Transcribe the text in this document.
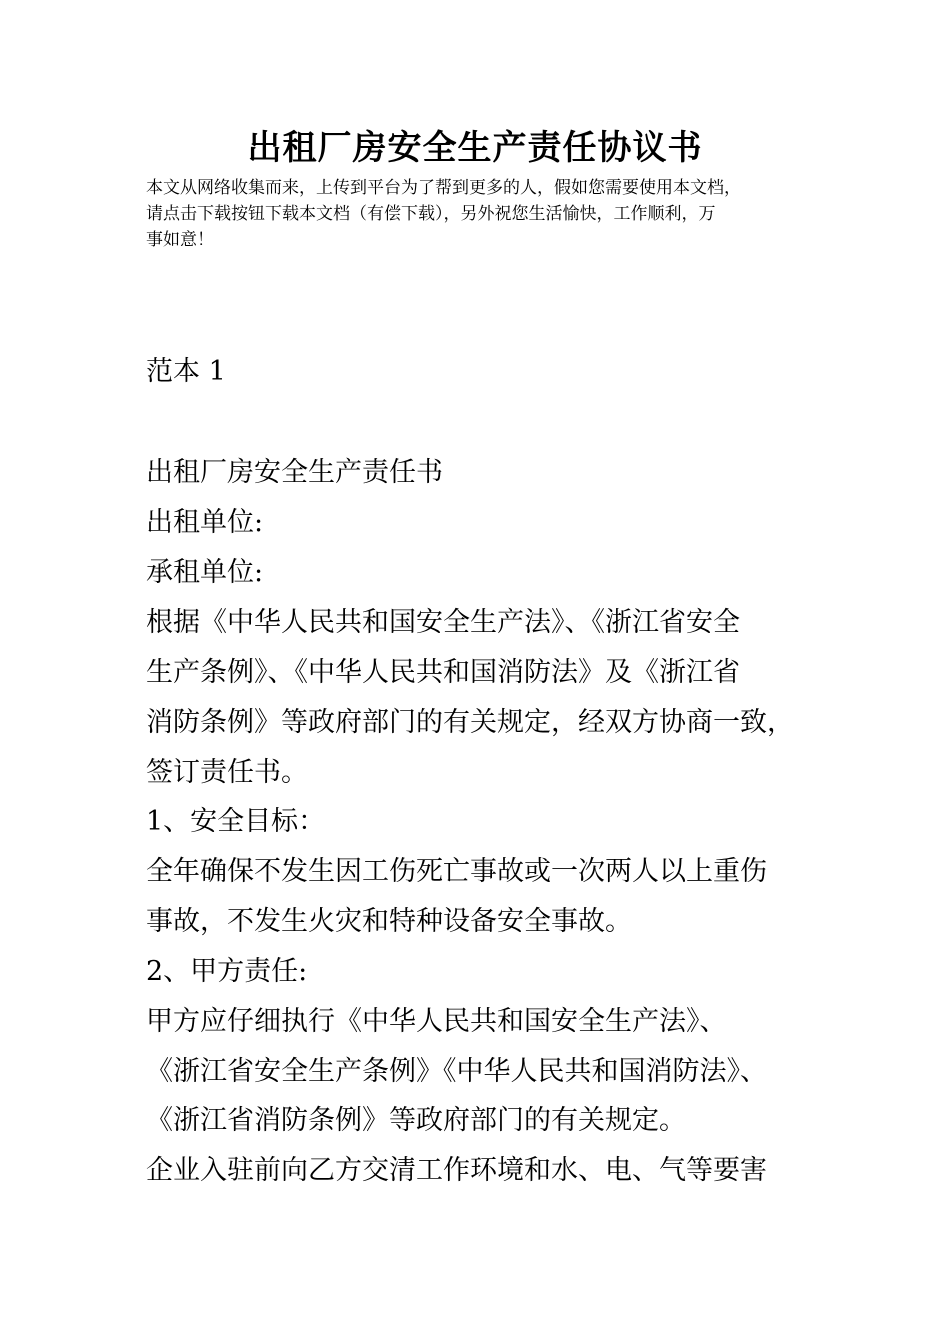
出租厂房安全生产责任协议书
本文从网络收集而来，上传到平台为了帮到更多的人，假如您需要使用本文档，
请点击下载按钮下载本文档（有偿下载），另外祝您生活愉快，工作顺利，万
事如意！
范本 1
出租厂房安全生产责任书
出租单位:
承租单位:
根据《中华人民共和国安全生产法》、《浙江省安全
生产条例》、《中华人民共和国消防法》及《浙江省
消防条例》等政府部门的有关规定，经双方协商一致，
签订责任书。
1、安全目标：
全年确保不发生因工伤死亡事故或一次两人以上重伤
事故，不发生火灾和特种设备安全事故。
2、甲方责任:
甲方应仔细执行《中华人民共和国安全生产法》、
《浙江省安全生产条例》《中华人民共和国消防法》、
《浙江省消防条例》等政府部门的有关规定。
企业入驻前向乙方交清工作环境和水、电、气等要害
